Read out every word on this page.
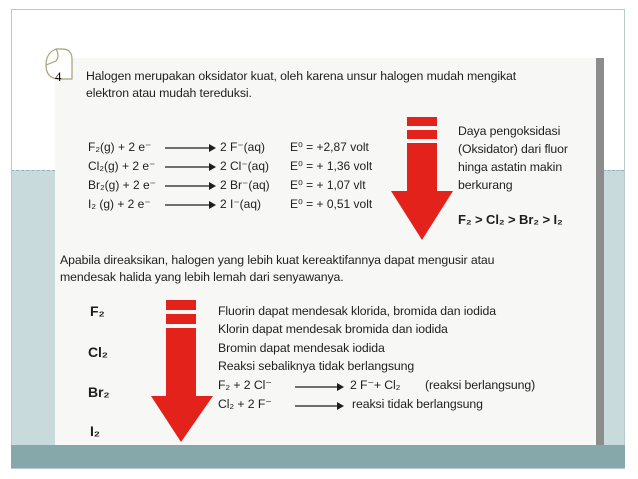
4 Halogen merupakan oksidator kuat, oleh karena unsur halogen mudah mengikat
elektron atau mudah tereduksi.
F₂(g) + 2 e⁻
Cl₂(g) + 2 e⁻
Br₂(g) + 2 e⁻
I₂ (g) + 2 e⁻
2 F⁻(aq)
2 Cl⁻(aq)
2 Br⁻(aq)
2 I⁻(aq)
E⁰ = +2,87 volt
E⁰ = + 1,36 volt
E⁰ = + 1,07 vlt
E⁰ = + 0,51 volt
Daya pengoksidasi
(Oksidator) dari fluor
hinga astatin makin
berkurang
F₂ > Cl₂ > Br₂ > I₂
Apabila direaksikan, halogen yang lebih kuat kereaktifannya dapat mengusir atau
mendesak halida yang lebih lemah dari senyawanya.
F₂
Cl₂
Br₂
I₂
Fluorin dapat mendesak klorida, bromida dan iodida
Klorin dapat mendesak bromida dan iodida
Bromin dapat mendesak iodida
Reaksi sebaliknya tidak berlangsung
F₂ + 2 Cl⁻	2 F⁻+ Cl₂ (reaksi berlangsung)
Cl₂ + 2 F⁻	reaksi tidak berlangsung
